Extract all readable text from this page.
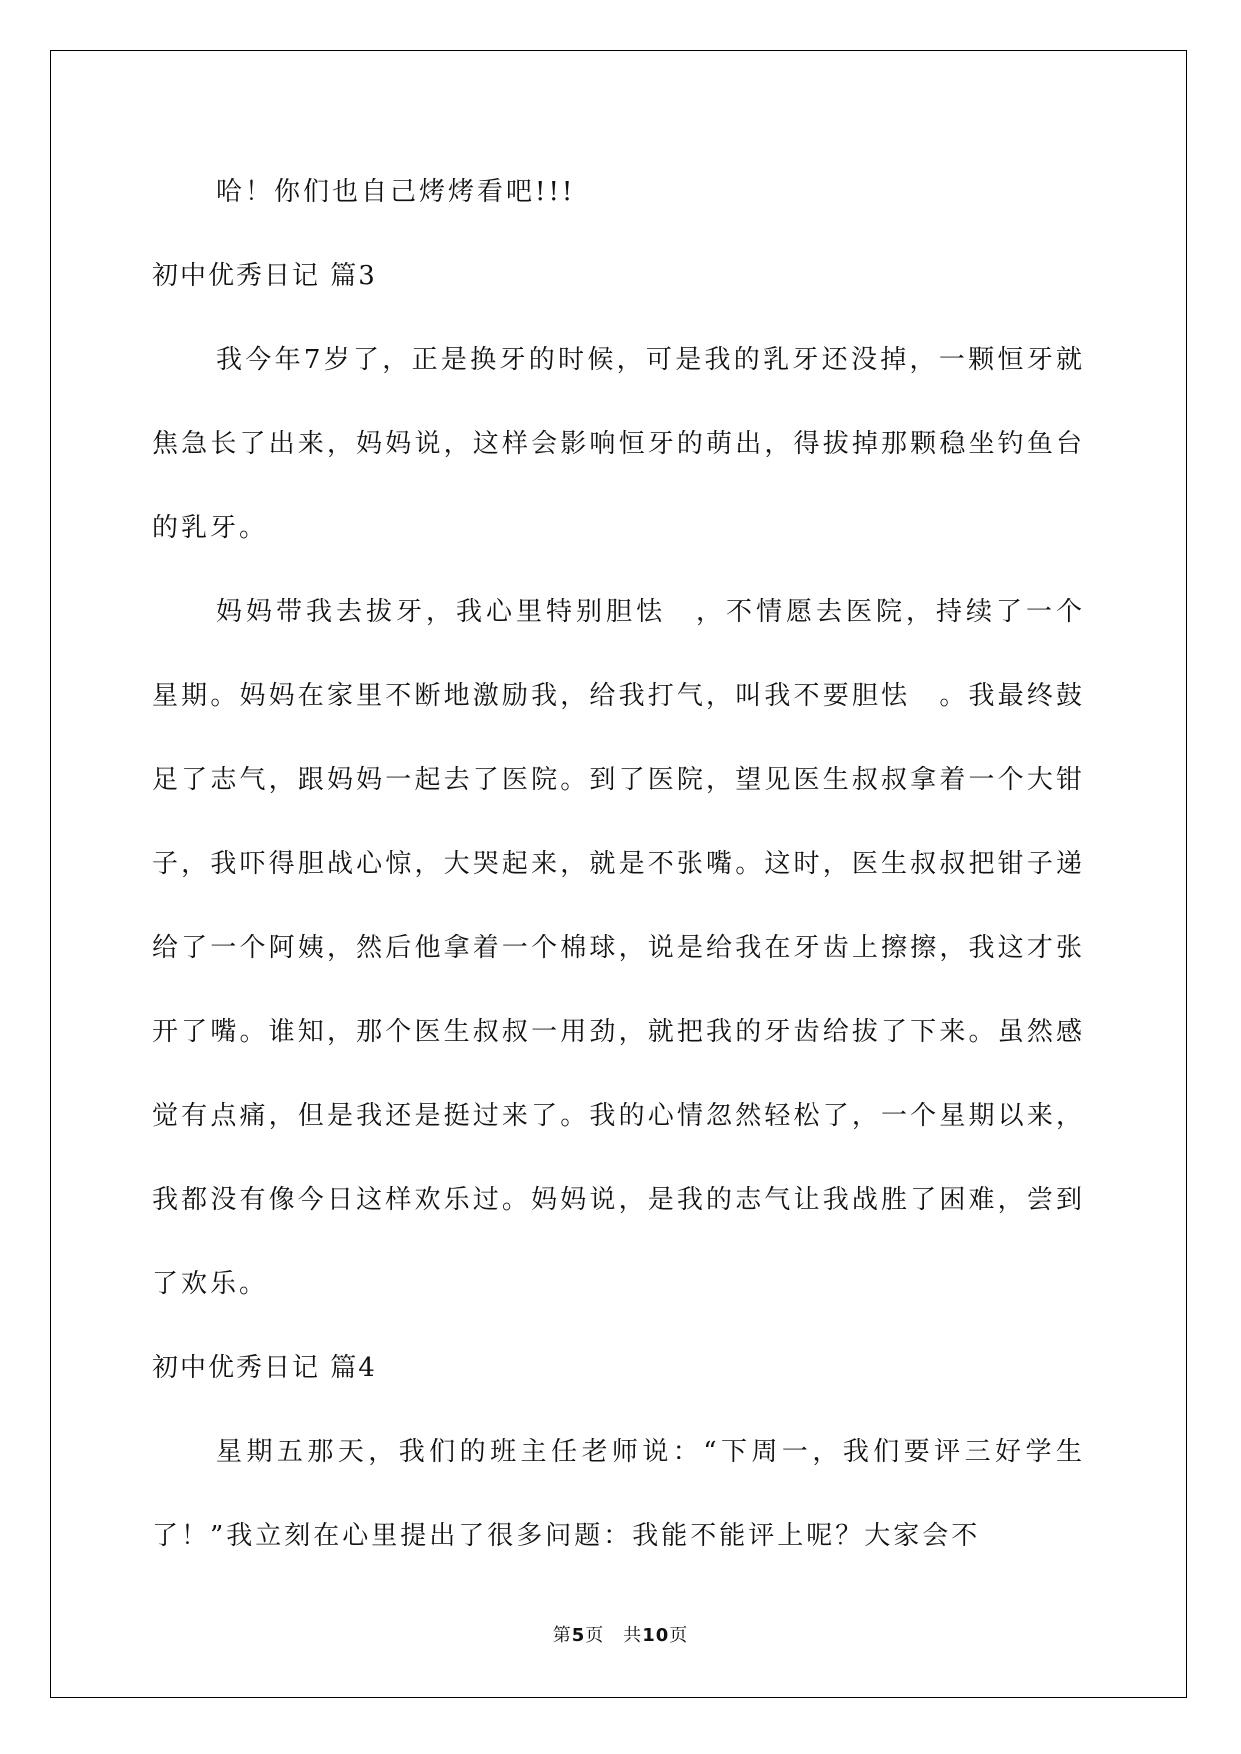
哈！你们也自己烤烤看吧!!!

初中优秀日记 篇3

我今年7岁了，正是换牙的时候，可是我的乳牙还没掉，一颗恒牙就焦急长了出来，妈妈说，这样会影响恒牙的萌出，得拔掉那颗稳坐钓鱼台的乳牙。

妈妈带我去拔牙，我心里特别胆怯　，不情愿去医院，持续了一个星期。妈妈在家里不断地激励我，给我打气，叫我不要胆怯　。我最终鼓足了志气，跟妈妈一起去了医院。到了医院，望见医生叔叔拿着一个大钳子，我吓得胆战心惊，大哭起来，就是不张嘴。这时，医生叔叔把钳子递给了一个阿姨，然后他拿着一个棉球，说是给我在牙齿上擦擦，我这才张开了嘴。谁知，那个医生叔叔一用劲，就把我的牙齿给拔了下来。虽然感觉有点痛，但是我还是挺过来了。我的心情忽然轻松了，一个星期以来，我都没有像今日这样欢乐过。妈妈说，是我的志气让我战胜了困难，尝到了欢乐。

初中优秀日记 篇4

星期五那天，我们的班主任老师说：“下周一，我们要评三好学生了！”我立刻在心里提出了很多问题：我能不能评上呢？大家会不

第5页　 共10页
